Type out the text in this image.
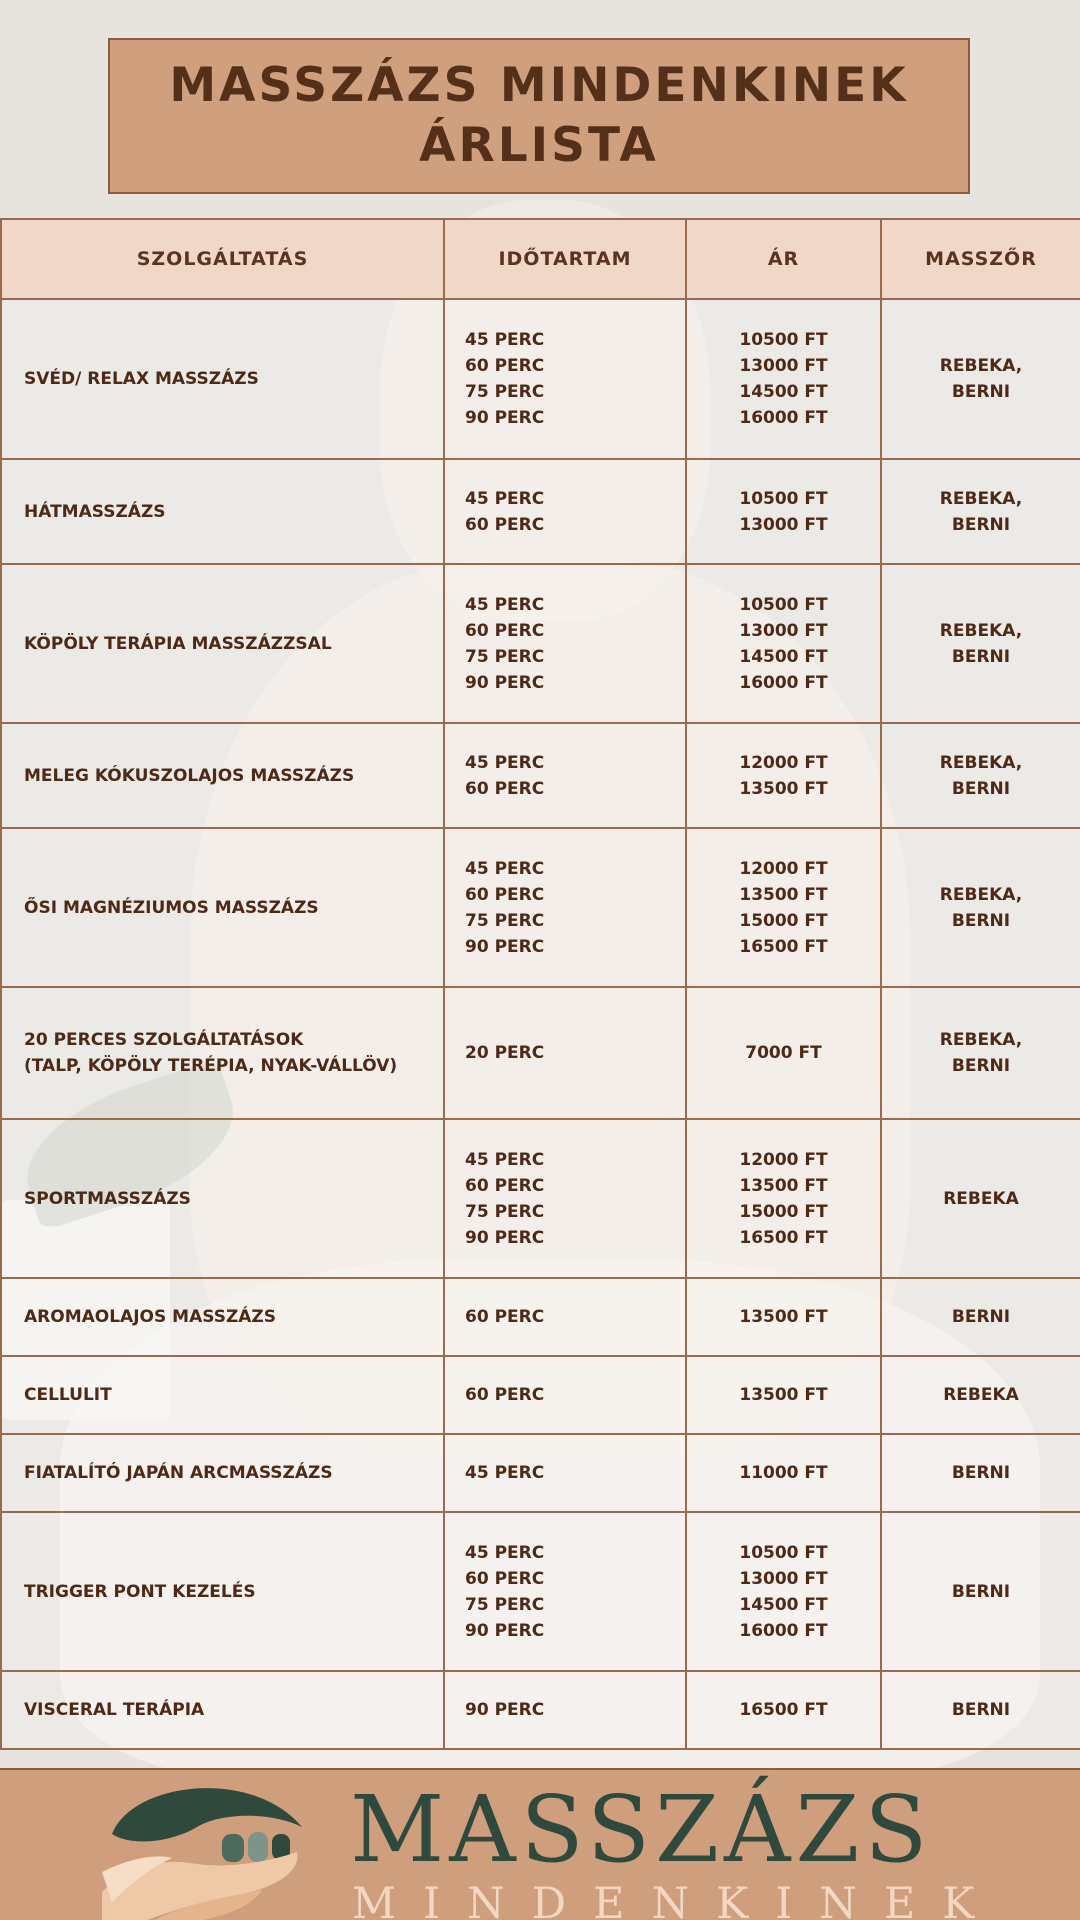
MASSZÁZS MINDENKINEK
ÁRLISTA
SZOLGÁLTATÁS	IDŐTARTAM	ÁR	MASSZŐR
SVÉD/ RELAX MASSZÁZS	45 PERC
60 PERC
75 PERC
90 PERC	10500 FT
13000 FT
14500 FT
16000 FT	REBEKA,
BERNI
HÁTMASSZÁZS	45 PERC
60 PERC	10500 FT
13000 FT	REBEKA,
BERNI
KÖPÖLY TERÁPIA MASSZÁZZSAL	45 PERC
60 PERC
75 PERC
90 PERC	10500 FT
13000 FT
14500 FT
16000 FT	REBEKA,
BERNI
MELEG KÓKUSZOLAJOS MASSZÁZS	45 PERC
60 PERC	12000 FT
13500 FT	REBEKA,
BERNI
ŐSI MAGNÉZIUMOS MASSZÁZS	45 PERC
60 PERC
75 PERC
90 PERC	12000 FT
13500 FT
15000 FT
16500 FT	REBEKA,
BERNI
20 PERCES SZOLGÁLTATÁSOK
(TALP, KÖPÖLY TERÉPIA, NYAK-VÁLLÖV)	20 PERC	7000 FT	REBEKA,
BERNI
SPORTMASSZÁZS	45 PERC
60 PERC
75 PERC
90 PERC	12000 FT
13500 FT
15000 FT
16500 FT	REBEKA
AROMAOLAJOS MASSZÁZS	60 PERC	13500 FT	BERNI
CELLULIT	60 PERC	13500 FT	REBEKA
FIATALÍTÓ JAPÁN ARCMASSZÁZS	45 PERC	11000 FT	BERNI
TRIGGER PONT KEZELÉS	45 PERC
60 PERC
75 PERC
90 PERC	10500 FT
13000 FT
14500 FT
16000 FT	BERNI
VISCERAL TERÁPIA	90 PERC	16500 FT	BERNI
MASSZÁZS
MINDENKINEK
